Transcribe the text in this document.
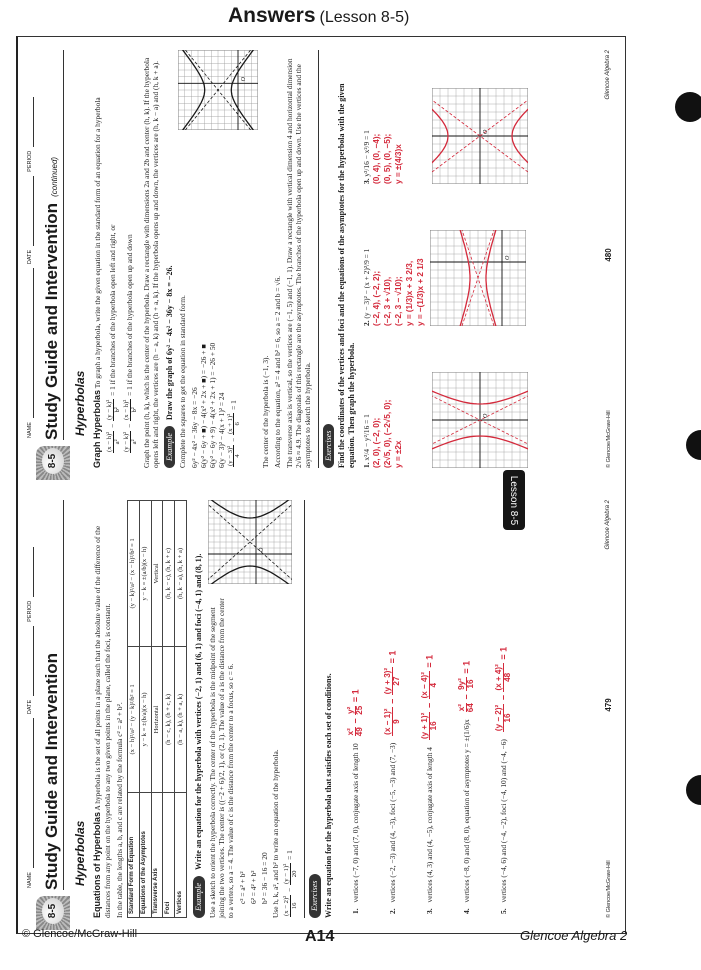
Answers (Lesson 8-5)
NAME
DATE
PERIOD
8-5
Study Guide and Intervention	Hyperbolas Equations of Hyperbolas A hyperbola is the set of all points in a plane such that the absolute value of the difference of the distances from any point on the hyperbola to any two given points in the plane, called the foci, is constant. In the table, the lengths a, b, and c are related by the formula c² = a² + b². Standard Form of Equation	(x − h)²/a² − (y − k)²/b² = 1	(y − k)²/a² − (x − h)²/b² = 1
Equations of the Asymptotes	y − k = ±(b/a)(x − h)	y − k = ±(a/b)(x − h)
Transverse Axis	Horizontal	Vertical
Foci	(h − c, k), (h + c, k)	(h, k − c), (h, k + c)
Vertices	(h − a, k), (h + a, k)	(h, k − a), (h, k + a)

ExampleWrite an equation for the hyperbola with vertices (−2, 1) and (6, 1) and foci (−4, 1) and (8, 1). Use a sketch to orient the hyperbola correctly. The center of the hyperbola is the midpoint of the segment joining the two vertices. The center is ((−2 + 6)/2, 1), or (2, 1). The value of a is the distance from the center to a vertex, so a = 4. The value of c is the distance from the center to a focus, so c = 6. c² = a² + b² 6² = 4² + b² b² = 36 − 16 = 20 Use h, k, a², and b² to write an equation of the hyperbola. (x − 2)² 16
−
(y − 1)² 20
= 1
O

Exercises Write an equation for the hyperbola that satisfies each set of conditions. 1.
vertices (−7, 0) and (7, 0), conjugate axis of length 10
x² 49
−
y² 25
= 1
2.
vertices (−2, −3) and (4, −3), foci (−5, −3) and (7, −3)
(x − 1)² 9
−
(y + 3)² 27
= 1
3.
vertices (4, 3) and (4, −5), conjugate axis of length 4
(y + 1)² 16
−
(x − 4)² 4
= 1
4.
vertices (−8, 0) and (8, 0), equation of asymptotes y = ±(1/6)x
x² 64
−
9y² 16
= 1
5.
vertices (−4, 6) and (−4, −2), foci (−4, 10) and (−4, −6)
(y − 2)² 16
−
(x + 4)² 48
= 1
© Glencoe/McGraw-Hill
479
Glencoe Algebra 2
NAME
DATE
PERIOD
8-5
Study Guide and Intervention(continued)
Hyperbolas Graph Hyperbolas To graph a hyperbola, write the given equation in the standard form of an equation for a hyperbola

(x − h)² a²
−
(y − k)² b²
= 1 if the branches of the hyperbola open left and right, or
(y − k)² a²
−
(x − h)² b²
= 1 if the branches of the hyperbola open up and down	Graph the point (h, k), which is the center of the hyperbola. Draw a rectangle with dimensions 2a and 2b and center (h, k). If the hyperbola opens left and right, the vertices are (h − a, k) and (h + a, k). If the hyperbola opens up and down, the vertices are (h, k − a) and (h, k + a). ExampleDraw the graph of 6y² − 4x² − 36y − 8x = −26. Complete the squares to get the equation in standard form. 6y² − 4x² − 36y − 8x = −26 6(y² − 6y + ■) − 4(x² + 2x + ■) = −26 + ■ 6(y² − 6y + 9) − 4(x² + 2x + 1) = −26 + 50 6(y − 3)² − 4(x + 1)² = 24 (y − 3)² 4
−
(x + 1)² 6
= 1
O

The center of the hyperbola is (−1, 3). According to the equation, a² = 4 and b² = 6, so a = 2 and b = √6. The transverse axis is vertical, so the vertices are (−1, 5) and (−1, 1). Draw a rectangle with vertical dimension 4 and horizontal dimension 2√6 ≈ 4.9. The diagonals of this rectangle are the asymptotes. The branches of the hyperbola open up and down. Use the vertices and the asymptotes to sketch the hyperbola.	Exercises Find the coordinates of the vertices and foci and the equations of the asymptotes for the hyperbola with the given equation. Then graph the hyperbola. 1. x²/4 − y²/16 = 1 (2, 0), (−2, 0); (2√5, 0), (−2√5, 0); y = ±2x
O
2. (y − 3)² − (x + 2)²/9 = 1 (−2, 4), (−2, 2); (−2, 3 + √10), (−2, 3 − √10); y = (1/3)x + 3 2/3, y = −(1/3)x + 2 1/3
O
3. y²/16 − x²/9 = 1 (0, 4), (0, −4); (0, 5), (0, −5); y = ±(4/3)x
O
© Glencoe/McGraw-Hill
480
Glencoe Algebra 2
Lesson 8-5
© Glencoe/McGraw-Hill	A14	Glencoe Algebra 2
